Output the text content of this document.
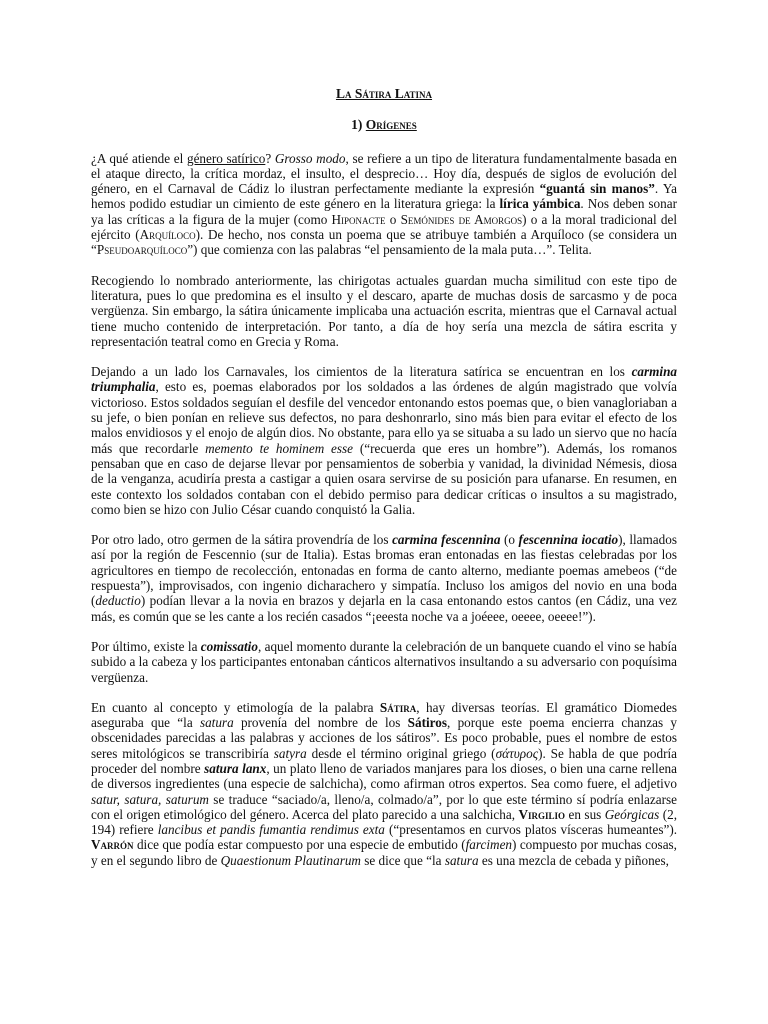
La Sátira Latina
1) Orígenes

¿A qué atiende el género satírico? Grosso modo, se refiere a un tipo de literatura fundamentalmente basada en el ataque directo, la crítica mordaz, el insulto, el desprecio… Hoy día, después de siglos de evolución del género, en el Carnaval de Cádiz lo ilustran perfectamente mediante la expresión “guantá sin manos”. Ya hemos podido estudiar un cimiento de este género en la literatura griega: la lírica yámbica. Nos deben sonar ya las críticas a la figura de la mujer (como Hiponacte o Semónides de Amorgos) o a la moral tradicional del ejército (Arquíloco). De hecho, nos consta un poema que se atribuye también a Arquíloco (se considera un “Pseudoarquíloco”) que comienza con las palabras “el pensamiento de la mala puta…”. Telita.

Recogiendo lo nombrado anteriormente, las chirigotas actuales guardan mucha similitud con este tipo de literatura, pues lo que predomina es el insulto y el descaro, aparte de muchas dosis de sarcasmo y de poca vergüenza. Sin embargo, la sátira únicamente implicaba una actuación escrita, mientras que el Carnaval actual tiene mucho contenido de interpretación. Por tanto, a día de hoy sería una mezcla de sátira escrita y representación teatral como en Grecia y Roma.

Dejando a un lado los Carnavales, los cimientos de la literatura satírica se encuentran en los carmina triumphalia, esto es, poemas elaborados por los soldados a las órdenes de algún magistrado que volvía victorioso. Estos soldados seguían el desfile del vencedor entonando estos poemas que, o bien vanagloriaban a su jefe, o bien ponían en relieve sus defectos, no para deshonrarlo, sino más bien para evitar el efecto de los malos envidiosos y el enojo de algún dios. No obstante, para ello ya se situaba a su lado un siervo que no hacía más que recordarle memento te hominem esse (“recuerda que eres un hombre”). Además, los romanos pensaban que en caso de dejarse llevar por pensamientos de soberbia y vanidad, la divinidad Némesis, diosa de la venganza, acudiría presta a castigar a quien osara servirse de su posición para ufanarse. En resumen, en este contexto los soldados contaban con el debido permiso para dedicar críticas o insultos a su magistrado, como bien se hizo con Julio César cuando conquistó la Galia.

Por otro lado, otro germen de la sátira provendría de los carmina fescennina (o fescennina iocatio), llamados así por la región de Fescennio (sur de Italia). Estas bromas eran entonadas en las fiestas celebradas por los agricultores en tiempo de recolección, entonadas en forma de canto alterno, mediante poemas amebeos (“de respuesta”), improvisados, con ingenio dicharachero y simpatía. Incluso los amigos del novio en una boda (deductio) podían llevar a la novia en brazos y dejarla en la casa entonando estos cantos (en Cádiz, una vez más, es común que se les cante a los recién casados “¡eeesta noche va a joéeee, oeeee, oeeee!”).

Por último, existe la comissatio, aquel momento durante la celebración de un banquete cuando el vino se había subido a la cabeza y los participantes entonaban cánticos alternativos insultando a su adversario con poquísima vergüenza.

En cuanto al concepto y etimología de la palabra Sátira, hay diversas teorías. El gramático Diomedes aseguraba que “la satura provenía del nombre de los Sátiros, porque este poema encierra chanzas y obscenidades parecidas a las palabras y acciones de los sátiros”. Es poco probable, pues el nombre de estos seres mitológicos se transcribiría satyra desde el término original griego (σάτυρος). Se habla de que podría proceder del nombre satura lanx, un plato lleno de variados manjares para los dioses, o bien una carne rellena de diversos ingredientes (una especie de salchicha), como afirman otros expertos. Sea como fuere, el adjetivo satur, satura, saturum se traduce “saciado/a, lleno/a, colmado/a”, por lo que este término sí podría enlazarse con el origen etimológico del género. Acerca del plato parecido a una salchicha, Virgilio en sus Geórgicas (2, 194) refiere lancibus et pandis fumantia rendimus exta (“presentamos en curvos platos vísceras humeantes”). Varrón dice que podía estar compuesto por una especie de embutido (farcimen) compuesto por muchas cosas, y en el segundo libro de Quaestionum Plautinarum se dice que “la satura es una mezcla de cebada y piñones,
